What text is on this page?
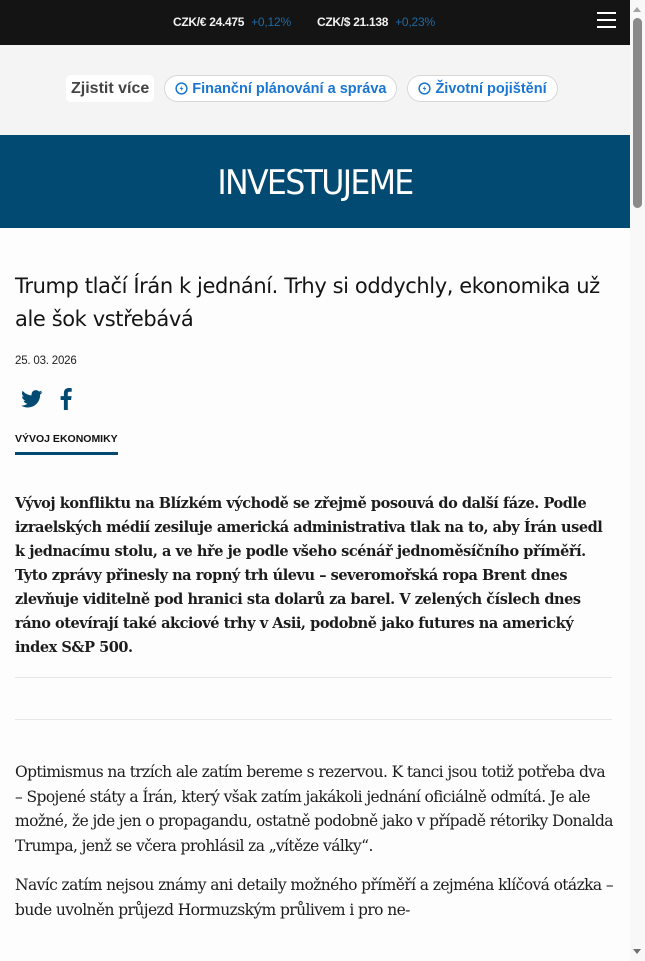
CZK/€ 24.475 +0,12% CZK/$ 21.138 +0,23%
Zjistit více	Finanční plánování a správa	Životní pojištění
INVESTUJEME
Trump tlačí Írán k jednání. Trhy si oddychly, ekonomika už ale šok vstřebává
25. 03. 2026
VÝVOJ EKONOMIKY

Vývoj konfliktu na Blízkém východě se zřejmě posouvá do další fáze. Podle izraelských médií zesiluje americká administrativa tlak na to, aby Írán usedl k jednacímu stolu, a ve hře je podle všeho scénář jednoměsíčního příměří. Tyto zprávy přinesly na ropný trh úlevu – severomořská ropa Brent dnes zlevňuje viditelně pod hranici sta dolarů za barel. V zelených číslech dnes ráno otevírají také akciové trhy v Asii, podobně jako futures na americký index S&P 500.

Optimismus na trzích ale zatím bereme s rezervou. K tanci jsou totiž potřeba dva – Spojené státy a Írán, který však zatím jakákoli jednání oficiálně odmítá. Je ale možné, že jde jen o propagandu, ostatně podobně jako v případě rétoriky Donalda Trumpa, jenž se včera prohlásil za „vítěze války“.

Navíc zatím nejsou známy ani detaily možného příměří a zejména klíčová otázka – bude uvolněn průjezd Hormuzským průlivem i pro ne-
